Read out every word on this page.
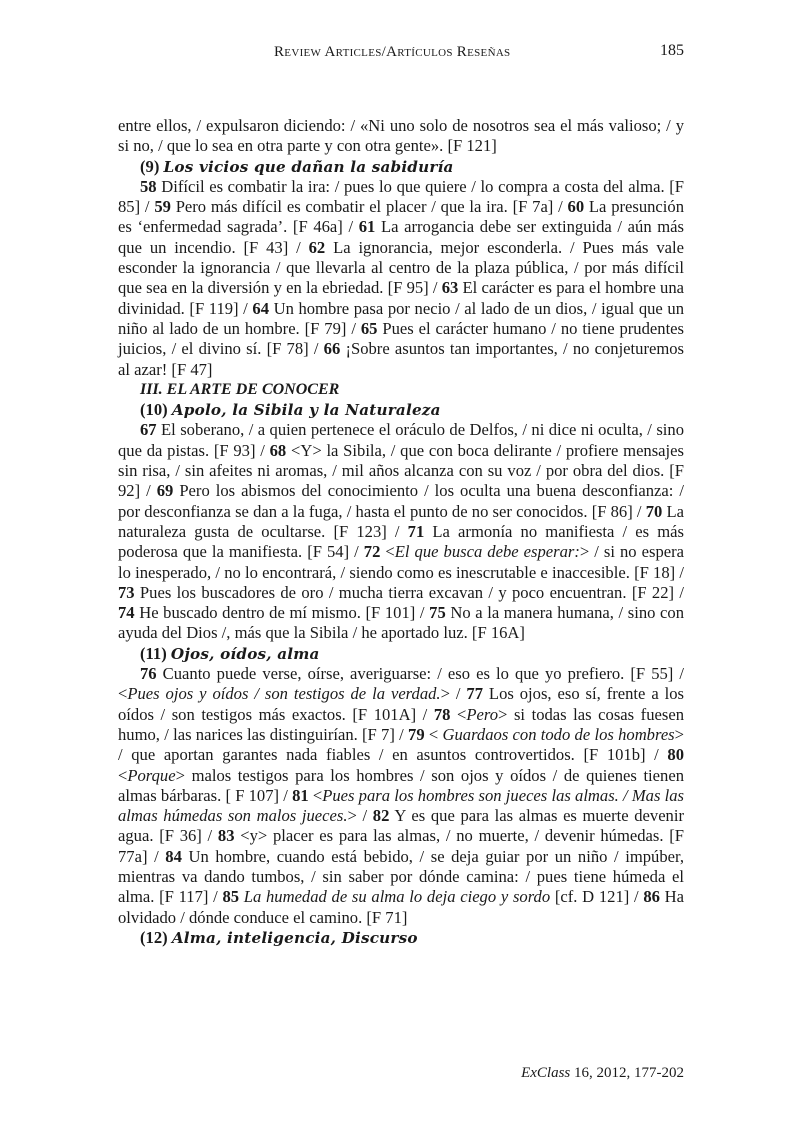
Review Articles/Artículos Reseñas	185

entre ellos, / expulsaron diciendo: / «Ni uno solo de nosotros sea el más valioso; / y si no, / que lo sea en otra parte y con otra gente». [F 121]

(9) Los vicios que dañan la sabiduría

58 Difícil es combatir la ira: / pues lo que quiere / lo compra a costa del alma. [F 85] / 59 Pero más difícil es combatir el placer / que la ira. [F 7a] / 60 La presunción es ‘enfermedad sagrada’. [F 46a] / 61 La arrogancia debe ser extinguida / aún más que un incendio. [F 43] / 62 La ignorancia, mejor esconderla. / Pues más vale esconder la ignorancia / que llevarla al centro de la plaza pública, / por más difícil que sea en la diversión y en la ebriedad. [F 95] / 63 El carácter es para el hombre una divinidad. [F 119] / 64 Un hombre pasa por necio / al lado de un dios, / igual que un niño al lado de un hombre. [F 79] / 65 Pues el carácter humano / no tiene prudentes juicios, / el divino sí. [F 78] / 66 ¡Sobre asuntos tan importantes, / no conjeturemos al azar! [F 47]

III. EL ARTE DE CONOCER
(10) Apolo, la Sibila y la Naturaleza

67 El soberano, / a quien pertenece el oráculo de Delfos, / ni dice ni oculta, / sino que da pistas. [F 93] / 68 <Y> la Sibila, / que con boca delirante / profiere mensajes sin risa, / sin afeites ni aromas, / mil años alcanza con su voz / por obra del dios. [F 92] / 69 Pero los abismos del conocimiento / los oculta una buena desconfianza: / por desconfianza se dan a la fuga, / hasta el punto de no ser conocidos. [F 86] / 70 La naturaleza gusta de ocultarse. [F 123] / 71 La armonía no manifiesta / es más poderosa que la manifiesta. [F 54] / 72 <El que busca debe esperar:> / si no espera lo inesperado, / no lo encontrará, / siendo como es inescrutable e inaccesible. [F 18] / 73 Pues los buscadores de oro / mucha tierra excavan / y poco encuentran. [F 22] / 74 He buscado dentro de mí mismo. [F 101] / 75 No a la manera humana, / sino con ayuda del Dios /, más que la Sibila / he aportado luz. [F 16A]

(11) Ojos, oídos, alma

76 Cuanto puede verse, oírse, averiguarse: / eso es lo que yo prefiero. [F 55] / <Pues ojos y oídos / son testigos de la verdad.> / 77 Los ojos, eso sí, frente a los oídos / son testigos más exactos. [F 101A] / 78 <Pero> si todas las cosas fuesen humo, / las narices las distinguirían. [F 7] / 79 < Guardaos con todo de los hombres> / que aportan garantes nada fiables / en asuntos controvertidos. [F 101b] / 80 <Porque> malos testigos para los hombres / son ojos y oídos / de quienes tienen almas bárbaras. [ F 107] / 81 <Pues para los hombres son jueces las almas. / Mas las almas húmedas son malos jueces.> / 82 Y es que para las almas es muerte devenir agua. [F 36] / 83 <y> placer es para las almas, / no muerte, / devenir húmedas. [F 77a] / 84 Un hombre, cuando está bebido, / se deja guiar por un niño / impúber, mientras va dando tumbos, / sin saber por dónde camina: / pues tiene húmeda el alma. [F 117] / 85 La humedad de su alma lo deja ciego y sordo [cf. D 121] / 86 Ha olvidado / dónde conduce el camino. [F 71]

(12) Alma, inteligencia, Discurso
ExClass 16, 2012, 177-202
